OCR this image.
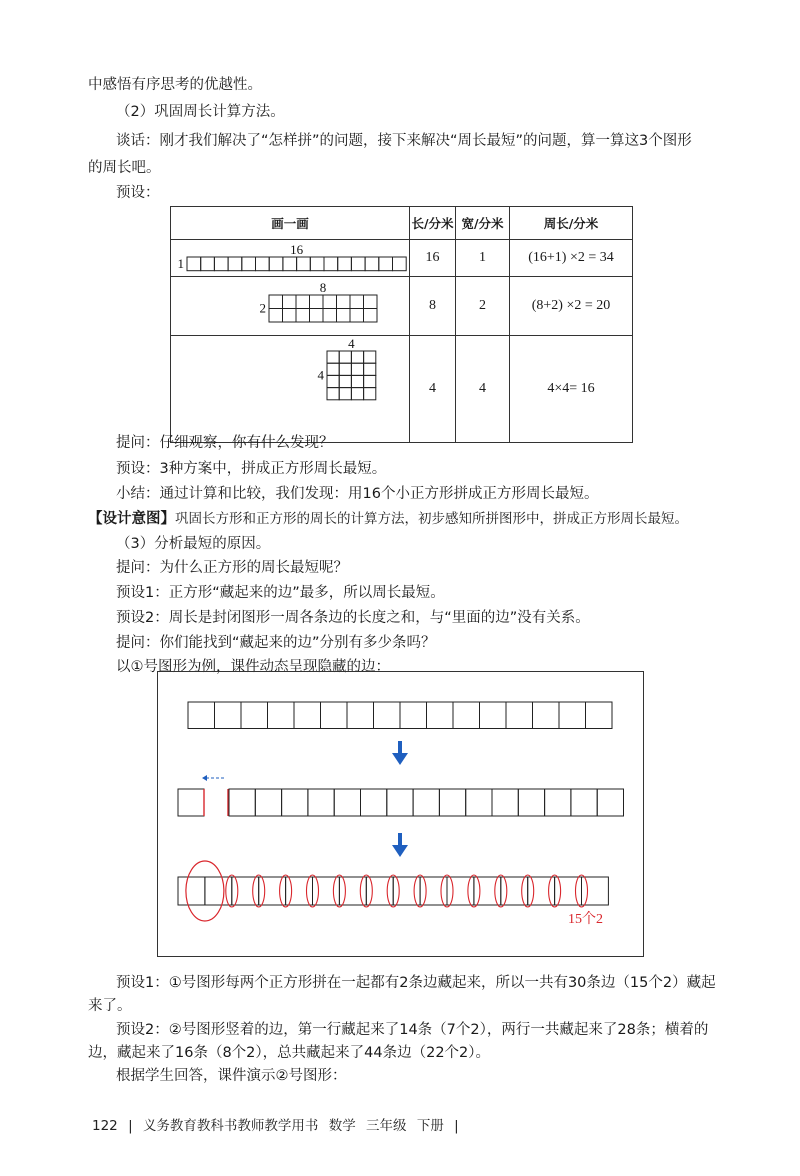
中感悟有序思考的优越性。
（2）巩固周长计算方法。
谈话：刚才我们解决了“怎样拼”的问题，接下来解决“周长最短”的问题，算一算这3个图形
的周长吧。
预设：
画一画	长/分米	宽/分米	周长/分米

16
1	16	1	(16+1) ×2 = 34

8
2	8	2	(8+2) ×2 = 20

4
4	4	4	4×4= 16
提问：仔细观察，你有什么发现？
预设：3种方案中，拼成正方形周长最短。
小结：通过计算和比较，我们发现：用16个小正方形拼成正方形周长最短。
【设计意图】巩固长方形和正方形的周长的计算方法，初步感知所拼图形中，拼成正方形周长最短。
（3）分析最短的原因。
提问：为什么正方形的周长最短呢？
预设1：正方形“藏起来的边”最多，所以周长最短。
预设2：周长是封闭图形一周各条边的长度之和，与“里面的边”没有关系。
提问：你们能找到“藏起来的边”分别有多少条吗？
以①号图形为例，课件动态呈现隐藏的边：
15个2
预设1：①号图形每两个正方形拼在一起都有2条边藏起来，所以一共有30条边（15个2）藏起
来了。
预设2：②号图形竖着的边，第一行藏起来了14条（7个2），两行一共藏起来了28条；横着的
边，藏起来了16条（8个2），总共藏起来了44条边（22个2）。
根据学生回答，课件演示②号图形：
122 | 义务教育教科书教师教学用书 数学 三年级 下册 |
